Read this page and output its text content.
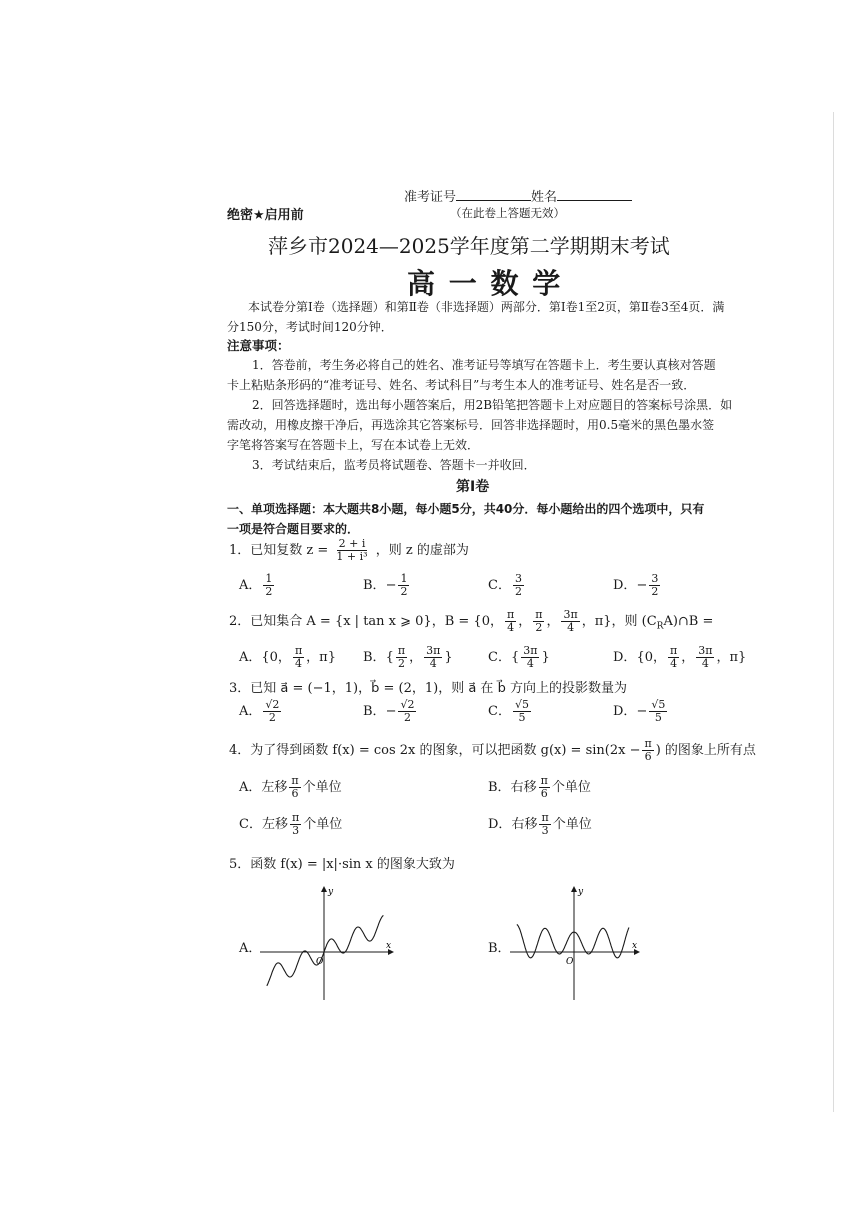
准考证号	姓名
绝密★启用前	（在此卷上答题无效）
萍乡市2024—2025学年度第二学期期末考试
高 一 数 学
本试卷分第Ⅰ卷（选择题）和第Ⅱ卷（非选择题）两部分．第Ⅰ卷1至2页，第Ⅱ卷3至4页．满
分150分，考试时间120分钟．
注意事项：
1．答卷前，考生务必将自己的姓名、准考证号等填写在答题卡上．考生要认真核对答题
卡上粘贴条形码的“准考证号、姓名、考试科目”与考生本人的准考证号、姓名是否一致．
2．回答选择题时，选出每小题答案后，用2B铅笔把答题卡上对应题目的答案标号涂黑．如
需改动，用橡皮擦干净后，再选涂其它答案标号．回答非选择题时，用0.5毫米的黑色墨水签
字笔将答案写在答题卡上，写在本试卷上无效．
3．考试结束后，监考员将试题卷、答题卡一并收回．
第Ⅰ卷
一、单项选择题：本大题共8小题，每小题5分，共40分．每小题给出的四个选项中，只有
一项是符合题目要求的．
1．已知复数 $z = \frac{2 + i}{\text{1 + i³}}$ ，则 z 的虚部为
A． $\frac{1}{2}$	B．− $\frac{1}{2}$	C． $\frac{3}{2}$	D．− $\frac{3}{2}$
2．已知集合 A = {x | tan x ⩾ 0}，B = {0， $\frac{\pi}{4}$ ， $\frac{\pi}{2}$ ， $\frac{3\pi}{4}$ ，π}，则 $(C_RA)\cap B$ =
A．{0， $\frac{\pi}{4}$ ，π} B．{ $\frac{\pi}{2}$ ， $\frac{3\pi}{4}$ }	C．{ $\frac{3\pi}{4}$ }	D．{0， $\frac{\pi}{4}$ ， $\frac{3\pi}{4}$ ，π}
3．已知 a⃗ = (−1，1)，b⃗ = (2，1)，则 a⃗ 在 b⃗ 方向上的投影数量为
A． $\frac{√2}{2}$	B．− $\frac{√2}{2}$	C． $\frac{√5}{5}$	D．− $\frac{√5}{5}$
4．为了得到函数 f(x) = cos 2x 的图象，可以把函数 $g(x) = \sin(2x - \frac{\pi}{6}$ ) 的图象上所有点
A．左移 $\frac{\pi}{6}$ 个单位	B．右移 $\frac{\pi}{6}$ 个单位
C．左移 $\frac{\pi}{3}$ 个单位	D．右移 $\frac{\pi}{3}$ 个单位
5．函数 f(x) = |x|·sin x 的图象大致为
A．	x
y
O
B．	x
y
O
